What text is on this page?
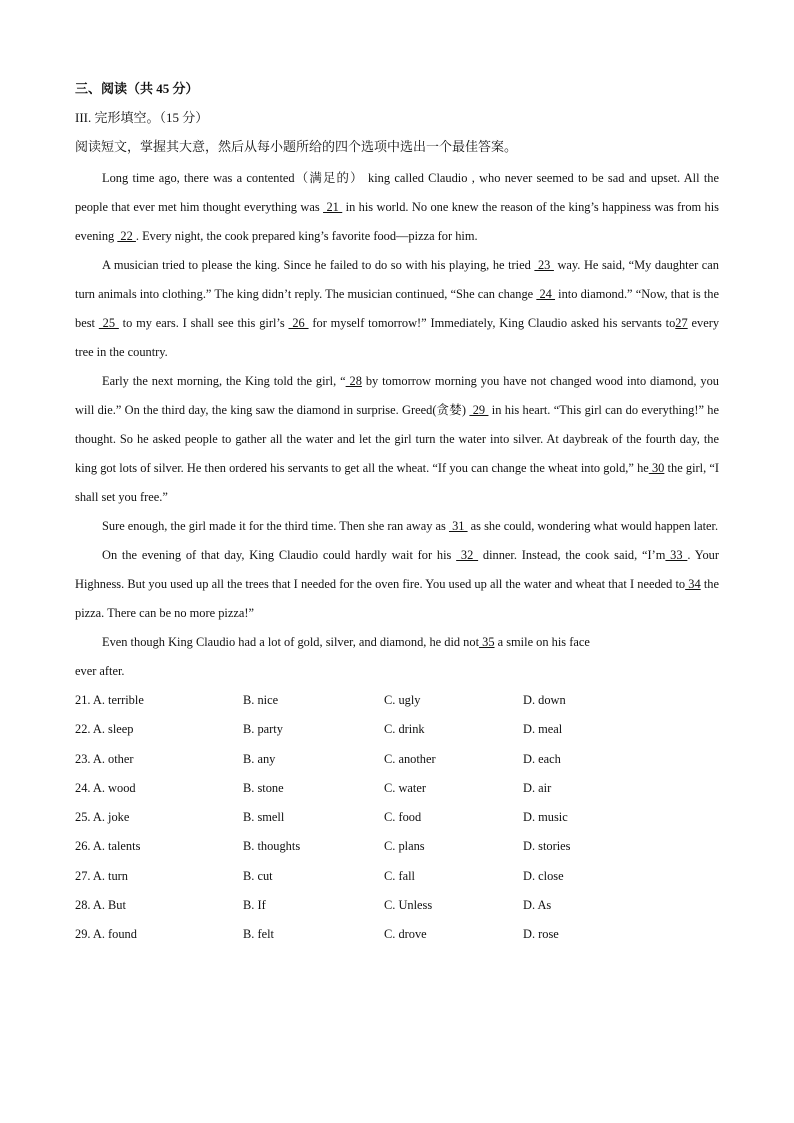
三、阅读（共 45 分）
III. 完形填空。（15 分）
阅读短文，掌握其大意，然后从每小题所给的四个选项中选出一个最佳答案。
Long time ago, there was a contented（满足的） king called Claudio , who never seemed to be sad and upset. All the people that ever met him thought everything was  21  in his world. No one knew the reason of the king’s happiness was from his evening  22 . Every night, the cook prepared king’s favorite food—pizza for him.
A musician tried to please the king. Since he failed to do so with his playing, he tried  23  way. He said, “My daughter can turn animals into clothing.” The king didn’t reply. The musician continued, “She can change  24  into diamond.” “Now, that is the best  25  to my ears. I shall see this girl’s  26  for myself tomorrow!” Immediately, King Claudio asked his servants to27 every tree in the country.
Early the next morning, the King told the girl, “ 28 by tomorrow morning you have not changed wood into diamond, you will die.” On the third day, the king saw the diamond in surprise. Greed(贪婪)  29  in his heart. “This girl can do everything!” he thought. So he asked people to gather all the water and let the girl turn the water into silver. At daybreak of the fourth day, the king got lots of silver. He then ordered his servants to get all the wheat. “If you can change the wheat into gold,” he 30 the girl, “I shall set you free.”
Sure enough, the girl made it for the third time. Then she ran away as  31  as she could, wondering what would happen later.
On the evening of that day, King Claudio could hardly wait for his  32  dinner. Instead, the cook said, “I’m 33 . Your Highness. But you used up all the trees that I needed for the oven fire. You used up all the water and wheat that I needed to 34 the pizza. There can be no more pizza!”
Even though King Claudio had a lot of gold, silver, and diamond, he did not 35 a smile on his face
ever after.
21. A. terrible	B. nice	C. ugly	D. down
22. A. sleep	B. party	C. drink	D. meal
23. A. other	B. any	C. another	D. each
24. A. wood	B. stone	C. water	D. air
25. A. joke	B. smell	C. food	D. music
26. A. talents	B. thoughts	C. plans	D. stories
27. A. turn	B. cut	C. fall	D. close
28. A. But	B. If	C. Unless	D. As
29. A. found	B. felt	C. drove	D. rose
